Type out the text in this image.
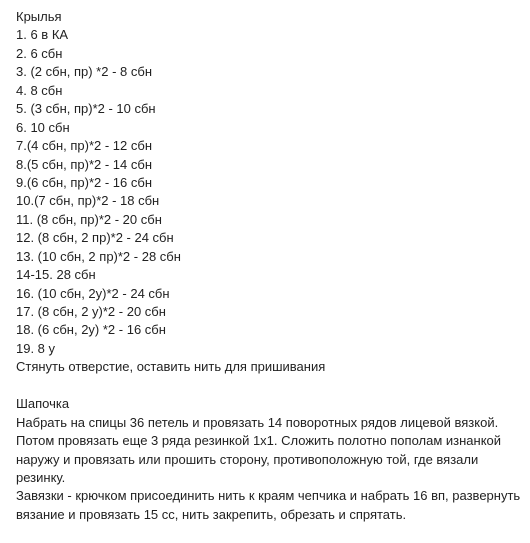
Крылья
1. 6 в КА
2. 6 сбн
3. (2 сбн, пр) *2 - 8 сбн
4. 8 сбн
5. (3 сбн, пр)*2 - 10 сбн
6. 10 сбн
7.(4 сбн, пр)*2 - 12 сбн
8.(5 сбн, пр)*2 - 14 сбн
9.(6 сбн, пр)*2 - 16 сбн
10.(7 сбн, пр)*2 - 18 сбн
11. (8 сбн, пр)*2 - 20 сбн
12. (8 сбн, 2 пр)*2 - 24 сбн
13. (10 сбн, 2 пр)*2 - 28 сбн
14-15. 28 сбн
16. (10 сбн, 2у)*2 - 24 сбн
17. (8 сбн, 2 у)*2 - 20 сбн
18. (6 сбн, 2у) *2 - 16 сбн
19. 8 у
Стянуть отверстие, оставить нить для пришивания
Шапочка
Набрать на спицы 36 петель и провязать 14 поворотных рядов лицевой вязкой. Потом провязать еще 3 ряда резинкой 1х1. Сложить полотно пополам изнанкой наружу и провязать или прошить сторону, противоположную той, где вязали резинку.
Завязки - крючком присоединить нить к краям чепчика и набрать 16 вп, развернуть вязание и провязать 15 сс, нить закрепить, обрезать и спрятать.
